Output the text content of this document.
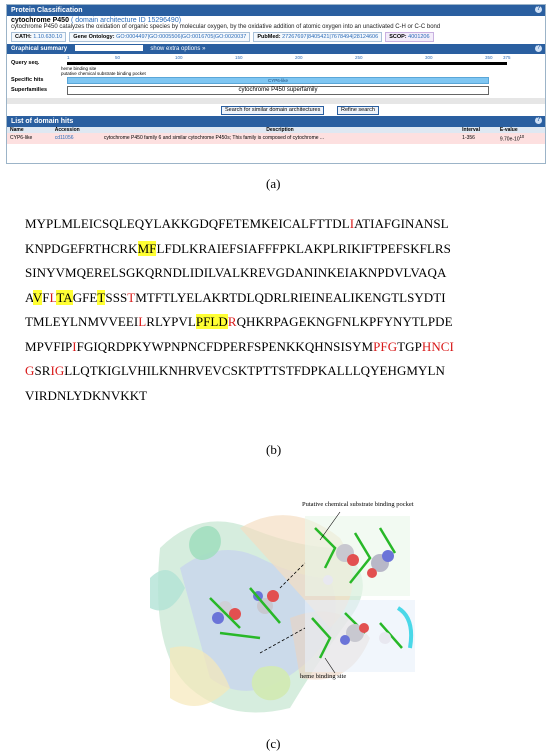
Protein Classification	?
cytochrome P450 ( domain architecture ID 15296490)
cytochrome P450 catalyzes the oxidation of organic species by molecular oxygen, by the oxidative addition of atomic oxygen into an unactivated C-H or C-C bond
CATH: 1.10.630.10	Gene Ontology: GO:0004497|GO:0005506|GO:0016705|GO:0020037	PubMed: 27267697|8405421|7678494|28124606	SCOP: 4001206
Graphical summary	show extra options »	?
1	50	100	150	200	250	300	350 375
Query seq.
heme binding site
putative chemical substrate binding pocket
Specific hits	CYP6-like
Superfamilies	cytochrome P450 superfamily
Search for similar domain architectures	Refine search
List of domain hits	?
Name	Accession	Description	Interval	E-value
CYP6-like	cd11056	cytochrome P450 family 6 and similar cytochrome P450s; This family is composed of cytochrome ...	1-356	$9.70e-10^{10}$
(a)
MYPLMLEICSQLEQYLAKKGDQFETEMKEICALFTTDLIATIAFGINANSL
KNPDGEFRTHCRKMFLFDLKRAIEFSIAFFFPKLAKPLRIKIFTPEFSKFLRS
SINYVMQERELSGKQRNDLIDILVALKREVGDANINKEIAKNPDVLVAQA
AVFLTAGFETSSSTMTFTLYELAKRTDLQDRLRIEINEALIKENGTLSYDTI
TMLEYLNMVVEEILRLYPVLPFLDRQHKRPAGEKNGFNLKPFYNYTLPDE
MPVFIPIFGIQRDPKYWPNPNCFDPERFSPENKKQHNSISYMPFGTGPHNCI
GSRIGLLQTKIGLVHILKNHRVEVCSKTPTTSTFDPKALLLQYEHGMYLN
VIRDNLYDKNVKKT
(b)
Putative chemical substrate binding pocket
heme binding site
(c)
